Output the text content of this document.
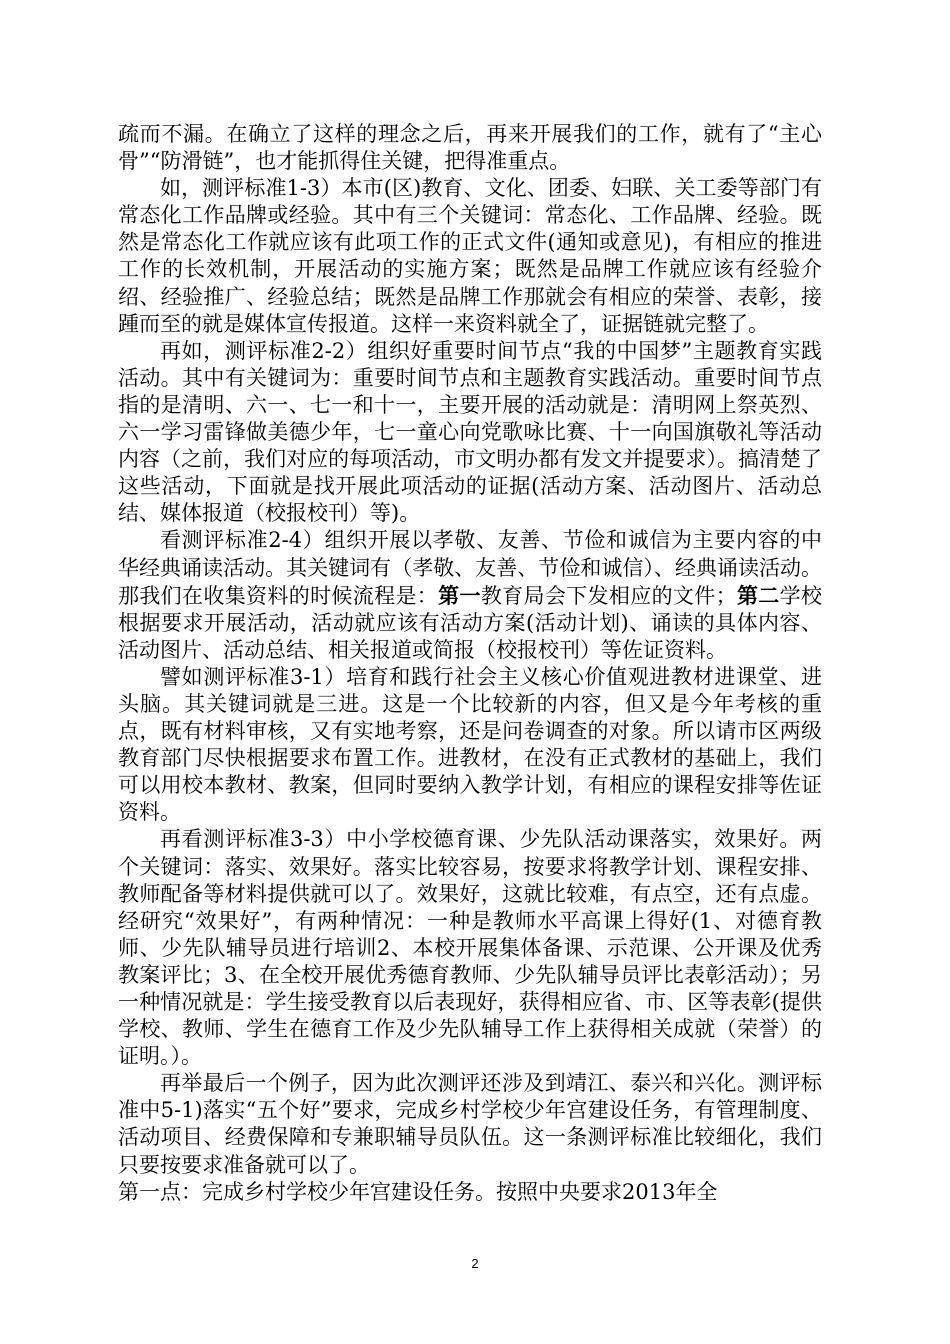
疏而不漏。在确立了这样的理念之后，再来开展我们的工作，就有了“主心骨”“防滑链”，也才能抓得住关键，把得准重点。

如，测评标准1-3）本市(区)教育、文化、团委、妇联、关工委等部门有常态化工作品牌或经验。其中有三个关键词：常态化、工作品牌、经验。既然是常态化工作就应该有此项工作的正式文件(通知或意见)，有相应的推进工作的长效机制，开展活动的实施方案；既然是品牌工作就应该有经验介绍、经验推广、经验总结；既然是品牌工作那就会有相应的荣誉、表彰，接踵而至的就是媒体宣传报道。这样一来资料就全了，证据链就完整了。

再如，测评标准2-2）组织好重要时间节点“我的中国梦”主题教育实践活动。其中有关键词为：重要时间节点和主题教育实践活动。重要时间节点指的是清明、六一、七一和十一，主要开展的活动就是：清明网上祭英烈、六一学习雷锋做美德少年，七一童心向党歌咏比赛、十一向国旗敬礼等活动内容（之前，我们对应的每项活动，市文明办都有发文并提要求）。搞清楚了这些活动，下面就是找开展此项活动的证据(活动方案、活动图片、活动总结、媒体报道（校报校刊）等)。

看测评标准2-4）组织开展以孝敬、友善、节俭和诚信为主要内容的中华经典诵读活动。其关键词有（孝敬、友善、节俭和诚信）、经典诵读活动。那我们在收集资料的时候流程是：第一教育局会下发相应的文件；第二学校根据要求开展活动，活动就应该有活动方案(活动计划)、诵读的具体内容、活动图片、活动总结、相关报道或简报（校报校刊）等佐证资料。

譬如测评标准3-1）培育和践行社会主义核心价值观进教材进课堂、进头脑。其关键词就是三进。这是一个比较新的内容，但又是今年考核的重点，既有材料审核，又有实地考察，还是问卷调查的对象。所以请市区两级教育部门尽快根据要求布置工作。进教材，在没有正式教材的基础上，我们可以用校本教材、教案，但同时要纳入教学计划，有相应的课程安排等佐证资料。

再看测评标准3-3）中小学校德育课、少先队活动课落实，效果好。两个关键词：落实、效果好。落实比较容易，按要求将教学计划、课程安排、教师配备等材料提供就可以了。效果好，这就比较难，有点空，还有点虚。经研究“效果好”，有两种情况：一种是教师水平高课上得好(1、对德育教师、少先队辅导员进行培训2、本校开展集体备课、示范课、公开课及优秀教案评比；3、在全校开展优秀德育教师、少先队辅导员评比表彰活动）；另一种情况就是：学生接受教育以后表现好，获得相应省、市、区等表彰(提供学校、教师、学生在德育工作及少先队辅导工作上获得相关成就（荣誉）的证明。）。

再举最后一个例子，因为此次测评还涉及到靖江、泰兴和兴化。测评标准中5-1)落实“五个好”要求，完成乡村学校少年宫建设任务，有管理制度、活动项目、经费保障和专兼职辅导员队伍。这一条测评标准比较细化，我们只要按要求准备就可以了。

第一点：完成乡村学校少年宫建设任务。按照中央要求2013年全

2
